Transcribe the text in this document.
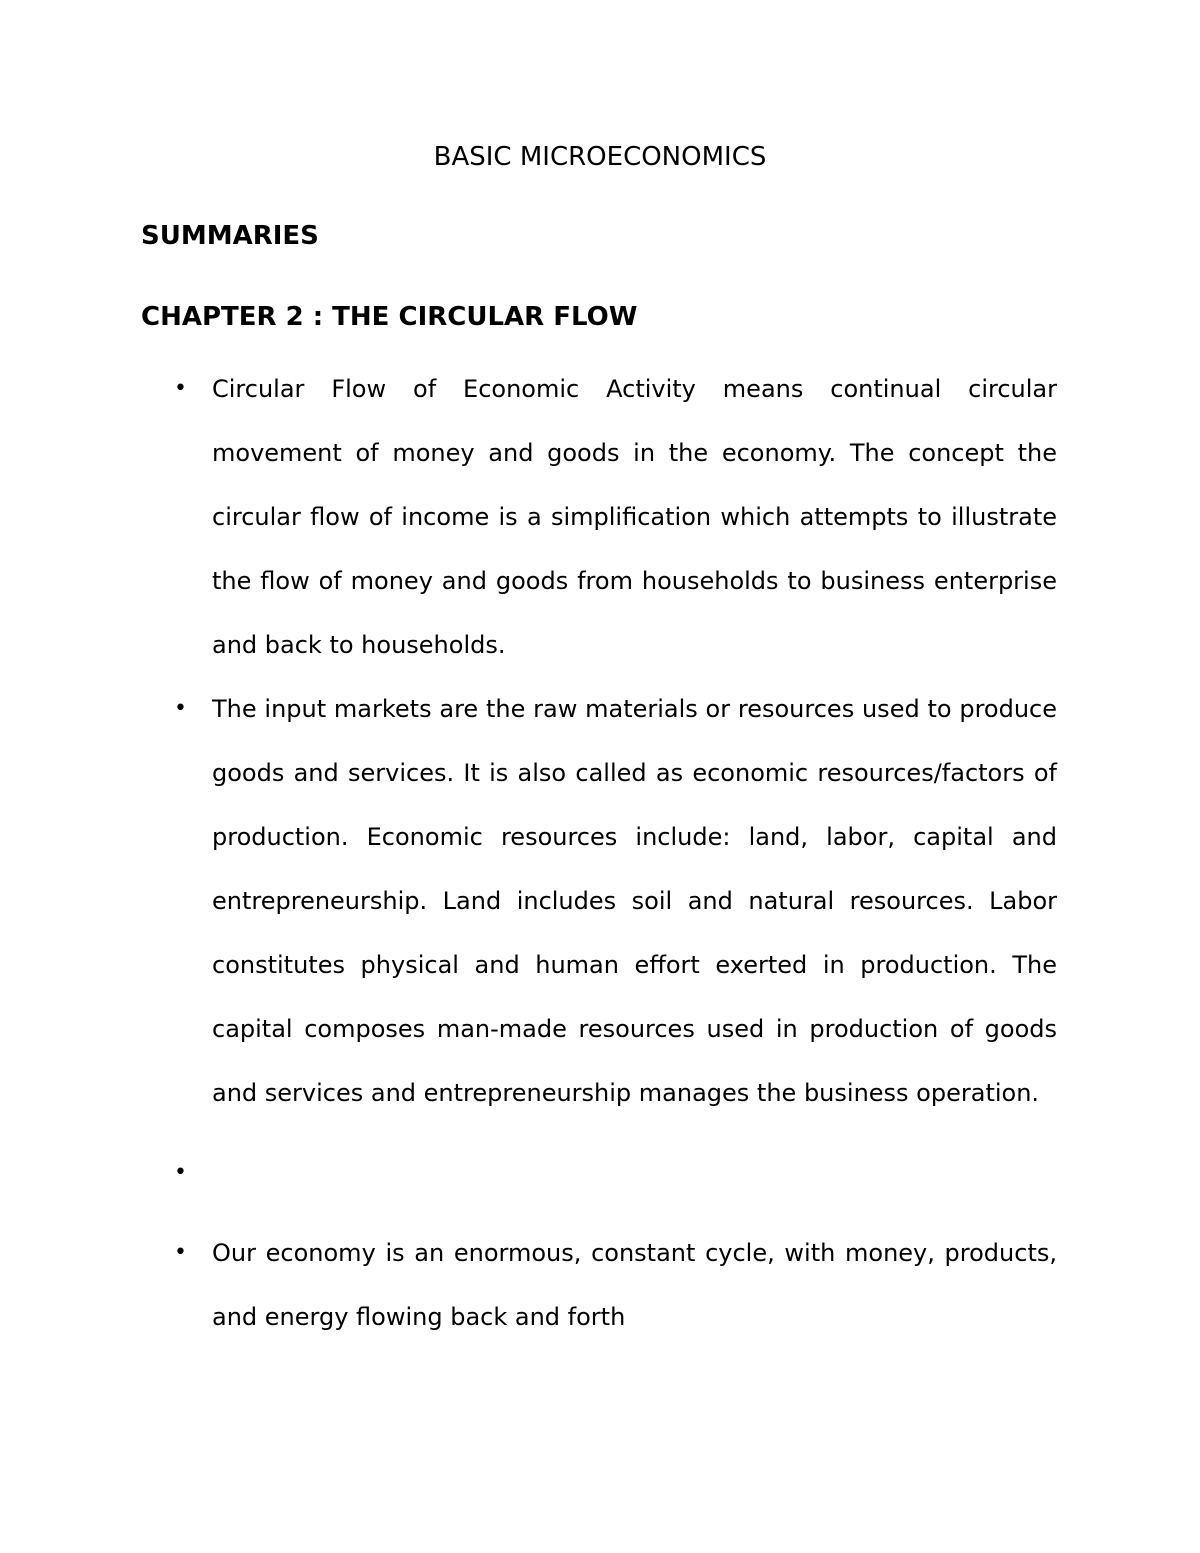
BASIC MICROECONOMICS
SUMMARIES
CHAPTER 2 : THE CIRCULAR FLOW
• Circular Flow of Economic Activity means continual circular movement of money and goods in the economy. The concept the circular flow of income is a simplification which attempts to illustrate the flow of money and goods from households to business enterprise and back to households.
• The input markets are the raw materials or resources used to produce goods and services. It is also called as economic resources/factors of production. Economic resources include: land, labor, capital and entrepreneurship. Land includes soil and natural resources. Labor constitutes physical and human effort exerted in production. The capital composes man-made resources used in production of goods and services and entrepreneurship manages the business operation.
•
• Our economy is an enormous, constant cycle, with money, products, and energy flowing back and forth
